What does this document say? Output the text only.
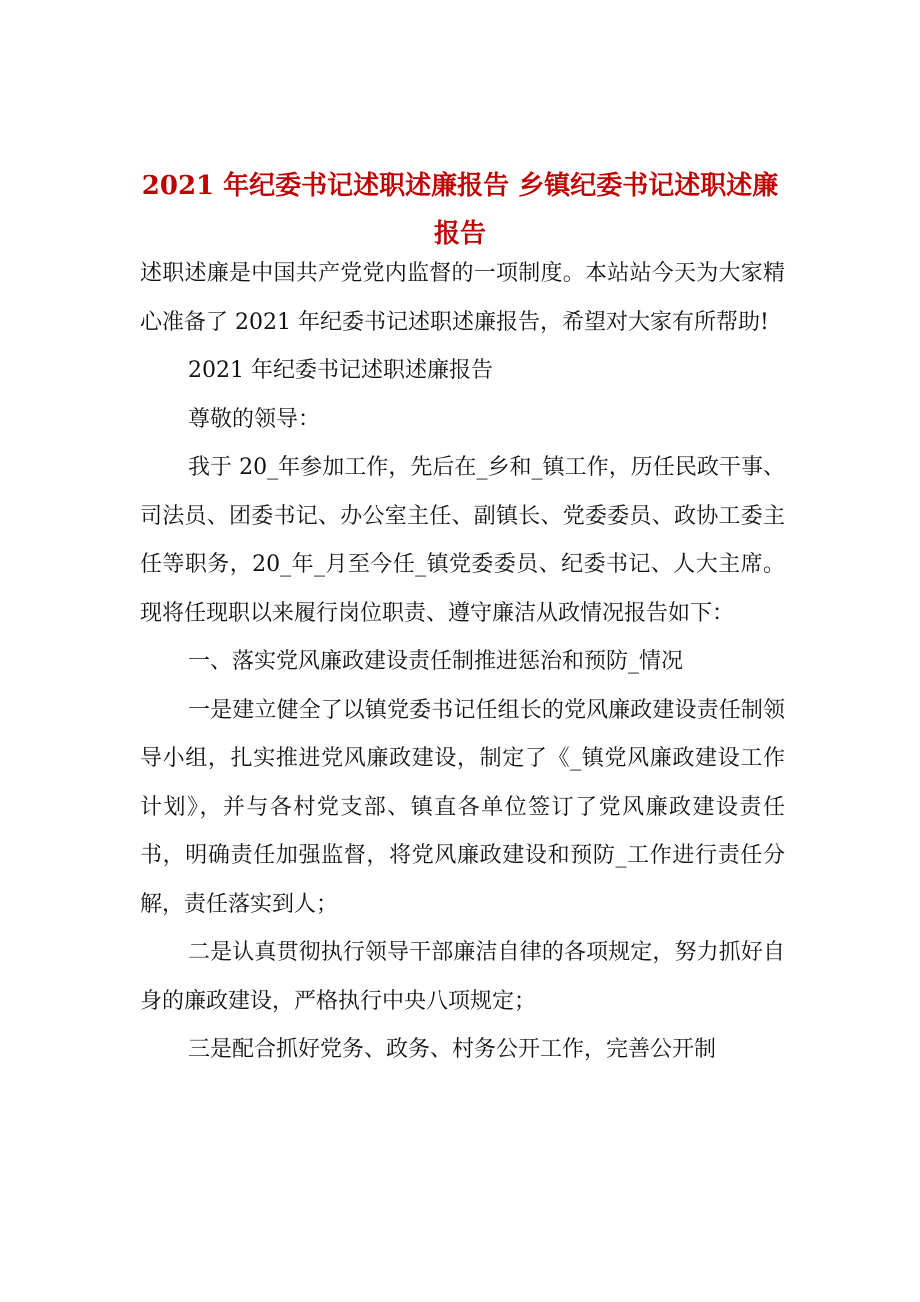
2021 年纪委书记述职述廉报告 乡镇纪委书记述职述廉报告

述职述廉是中国共产党党内监督的一项制度。本站站今天为大家精心准备了 2021 年纪委书记述职述廉报告，希望对大家有所帮助!

2021 年纪委书记述职述廉报告

尊敬的领导：

我于 20_年参加工作，先后在_乡和_镇工作，历任民政干事、司法员、团委书记、办公室主任、副镇长、党委委员、政协工委主任等职务，20_年_月至今任_镇党委委员、纪委书记、人大主席。现将任现职以来履行岗位职责、遵守廉洁从政情况报告如下：

一、落实党风廉政建设责任制推进惩治和预防_情况

一是建立健全了以镇党委书记任组长的党风廉政建设责任制领导小组，扎实推进党风廉政建设，制定了《_镇党风廉政建设工作计划》，并与各村党支部、镇直各单位签订了党风廉政建设责任书，明确责任加强监督，将党风廉政建设和预防_工作进行责任分解，责任落实到人；

二是认真贯彻执行领导干部廉洁自律的各项规定，努力抓好自身的廉政建设，严格执行中央八项规定；

三是配合抓好党务、政务、村务公开工作，完善公开制
